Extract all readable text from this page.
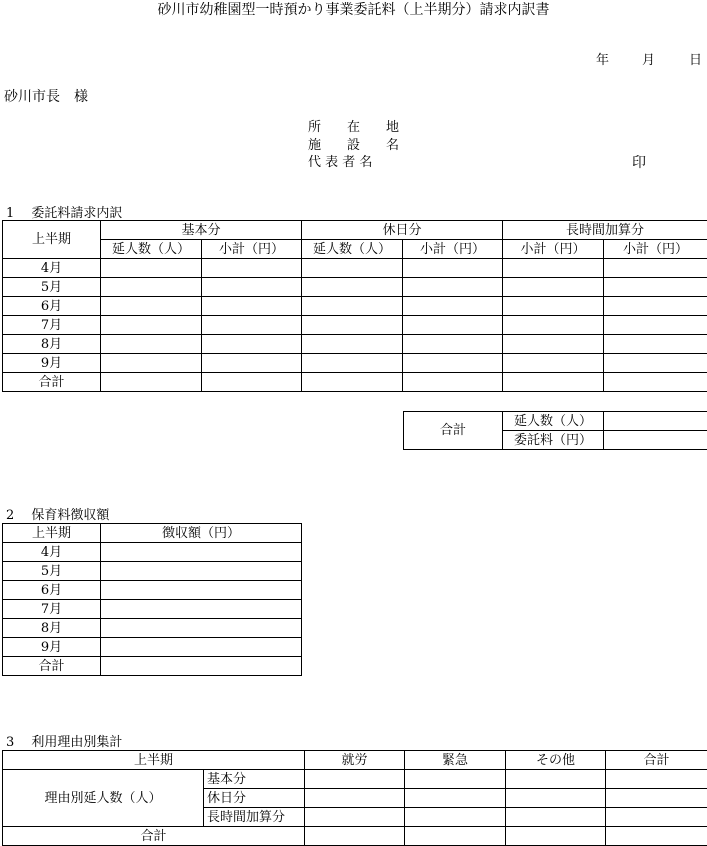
砂川市幼稚園型一時預かり事業委託料（上半期分）請求内訳書
年	月	日
砂川市長　様
所　　在　　地
施　　設　　名
代 表 者 名	印
1　 委託料請求内訳
上半期	基本分		休日分		長時間加算分	
	延人数（人）	小計（円）	延人数（人）	小計（円）	小計（円）	小計（円）
4月						
5月						
6月						
7月						
8月						
9月						
合計						
合計	延人数（人）	
	委託料（円）	
2　 保育料徴収額
上半期	徴収額（円）
4月	
5月	
6月	
7月	
8月	
9月	
合計	
3　 利用理由別集計
上半期		就労	緊急	その他	合計
理由別延人数（人）	基本分				
	休日分				
	長時間加算分				
合計					
